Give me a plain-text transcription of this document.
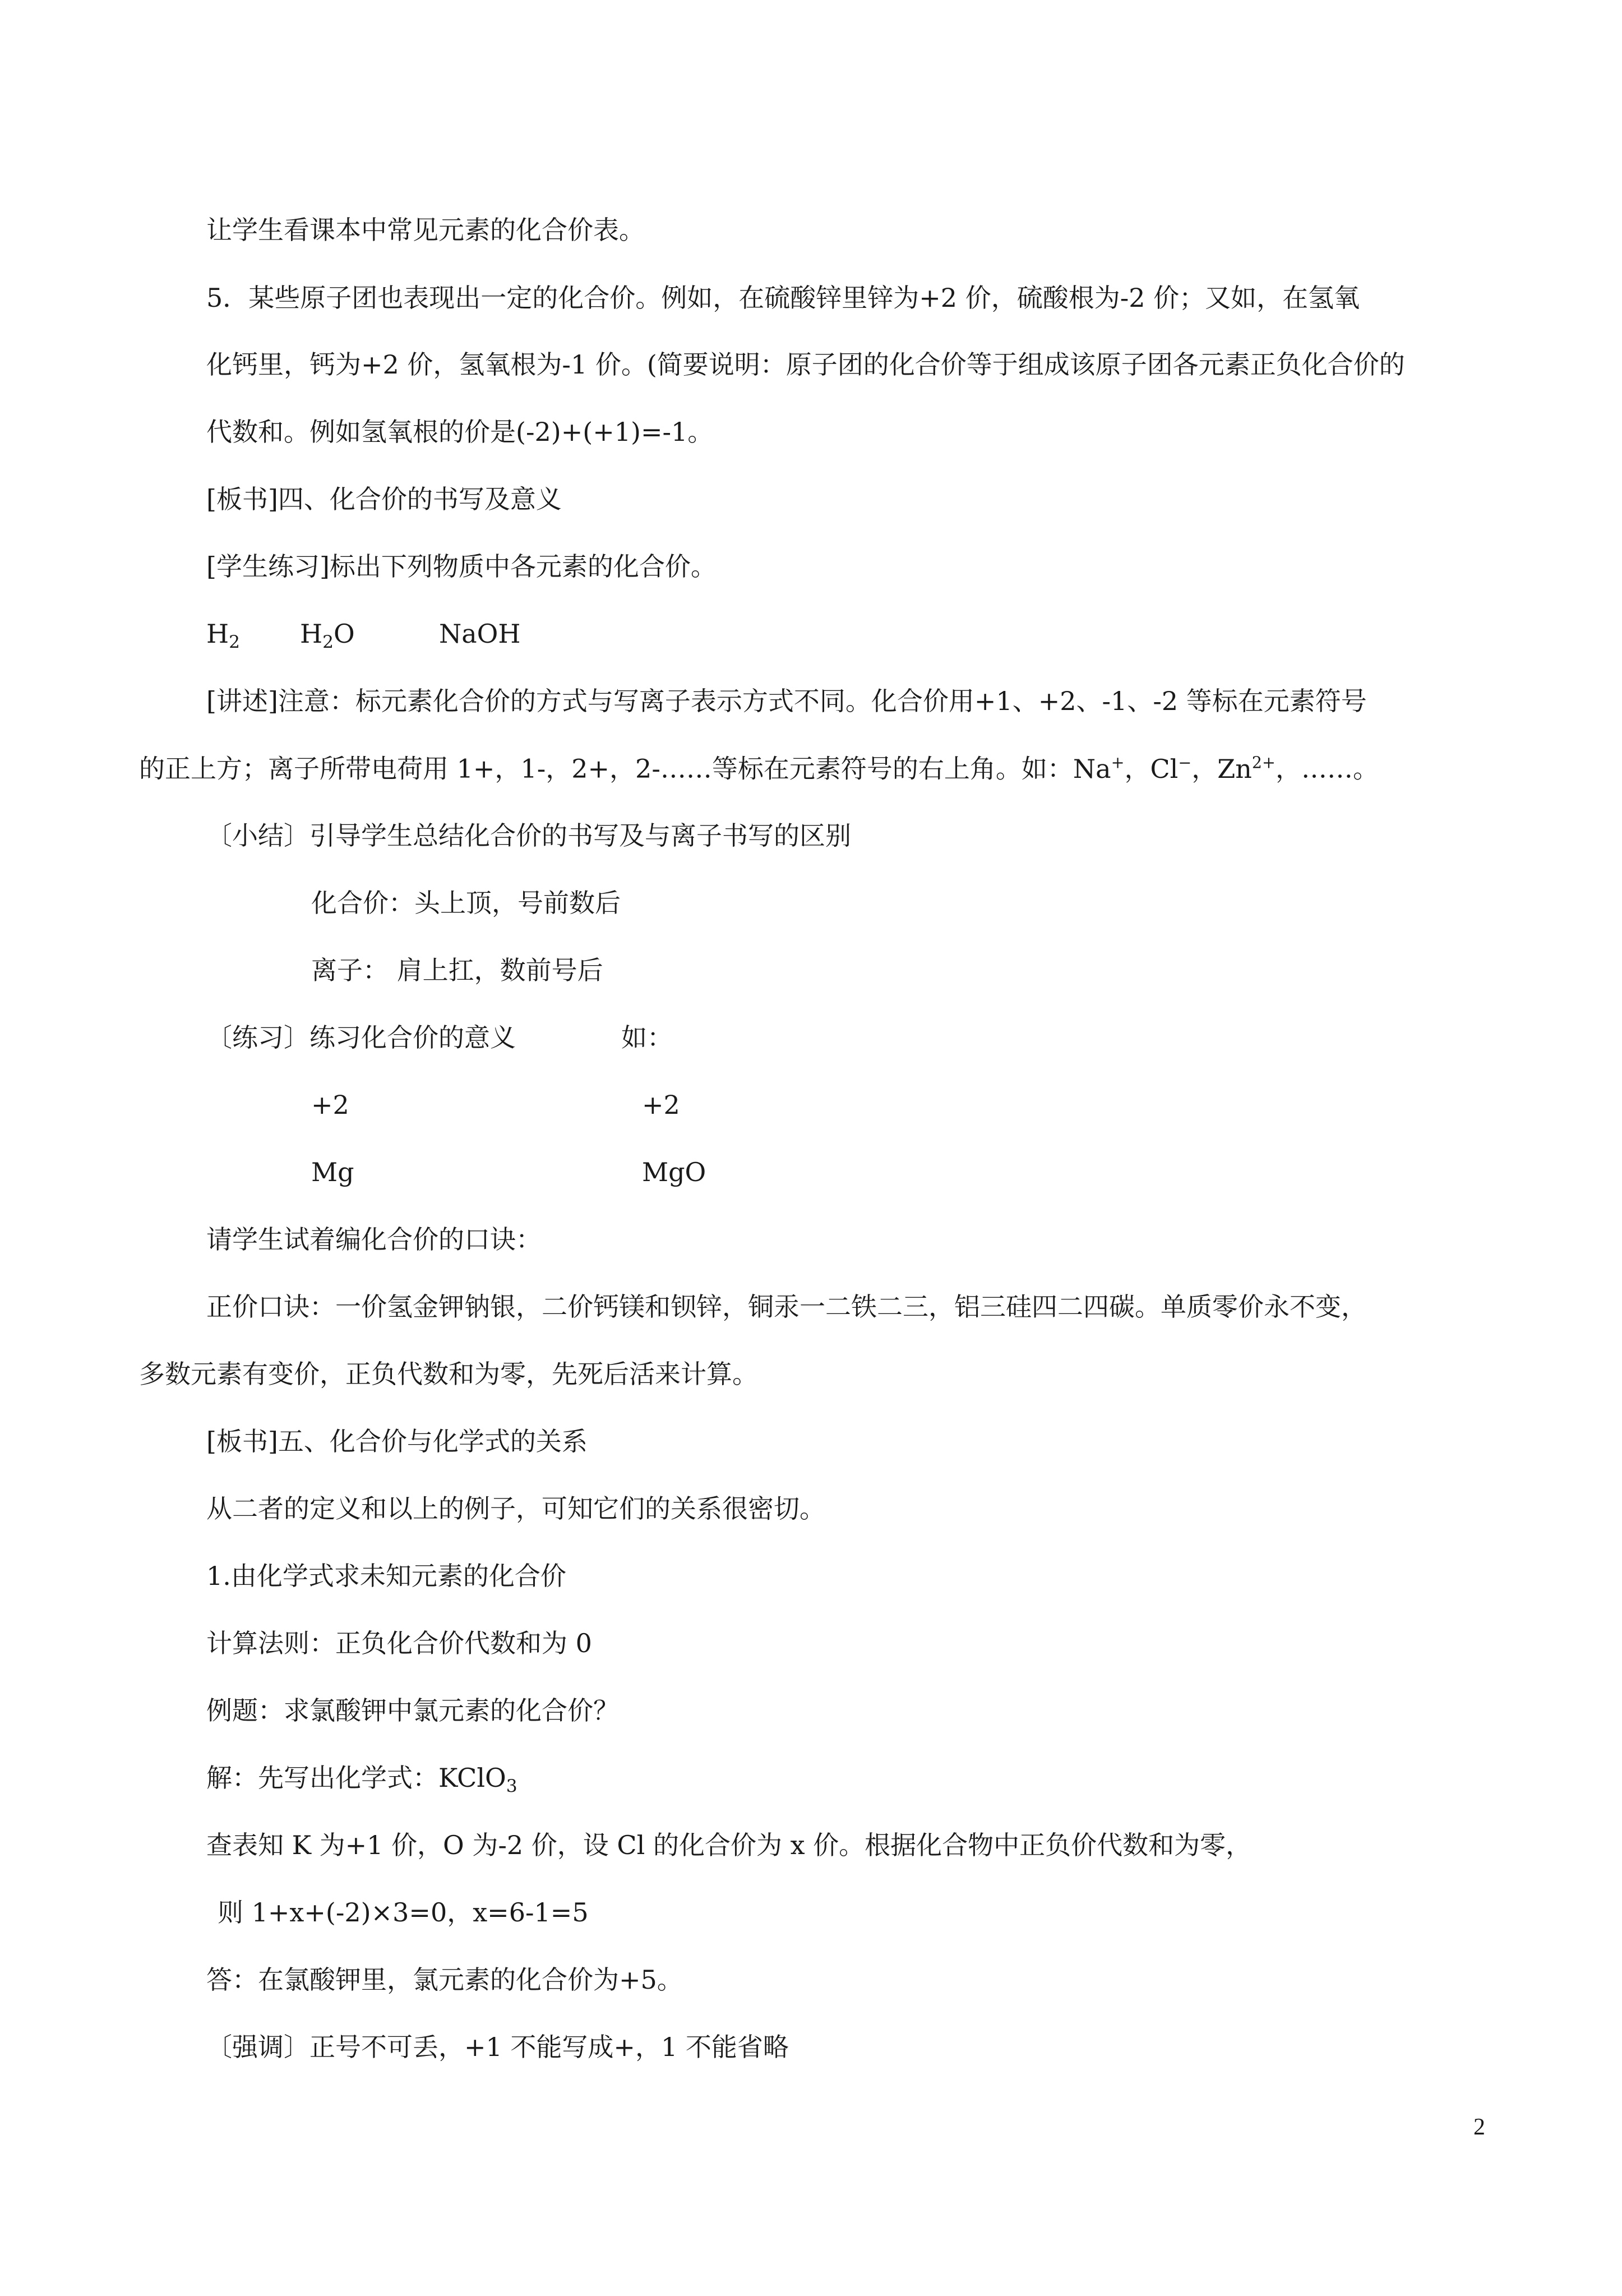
让学生看课本中常见元素的化合价表。
5．某些原子团也表现出一定的化合价。例如，在硫酸锌里锌为+2 价，硫酸根为-2 价；又如，在氢氧
化钙里，钙为+2 价，氢氧根为-1 价。(简要说明：原子团的化合价等于组成该原子团各元素正负化合价的
代数和。例如氢氧根的价是(-2)+(+1)=-1。
[板书]四、化合价的书写及意义
[学生练习]标出下列物质中各元素的化合价。
$H_2$ $H_2O$	NaOH
[讲述]注意：标元素化合价的方式与写离子表示方式不同。化合价用+1、+2、-1、-2 等标在元素符号
的正上方；离子所带电荷用 1+，1-，2+，2-……等标在元素符号的右上角。如：Na+，Cl−，$Zn^{2+}$，……。
〔小结〕引导学生总结化合价的书写及与离子书写的区别
化合价：头上顶，号前数后
离子： 肩上扛，数前号后
〔练习〕练习化合价的意义	如：
+2	+2
Mg	MgO
请学生试着编化合价的口诀：
正价口诀：一价氢金钾钠银，二价钙镁和钡锌，铜汞一二铁二三，铝三硅四二四碳。单质零价永不变，
多数元素有变价，正负代数和为零，先死后活来计算。
[板书]五、化合价与化学式的关系
从二者的定义和以上的例子，可知它们的关系很密切。
1.由化学式求未知元素的化合价
计算法则：正负化合价代数和为 0
例题：求氯酸钾中氯元素的化合价？
解：先写出化学式：KClO$_3$
查表知 K 为+1 价，O 为-2 价，设 Cl 的化合价为 x 价。根据化合物中正负价代数和为零，
则 1+x+(-2)×3=0，x=6-1=5
答：在氯酸钾里，氯元素的化合价为+5。
〔强调〕正号不可丢，+1 不能写成+，1 不能省略
2
